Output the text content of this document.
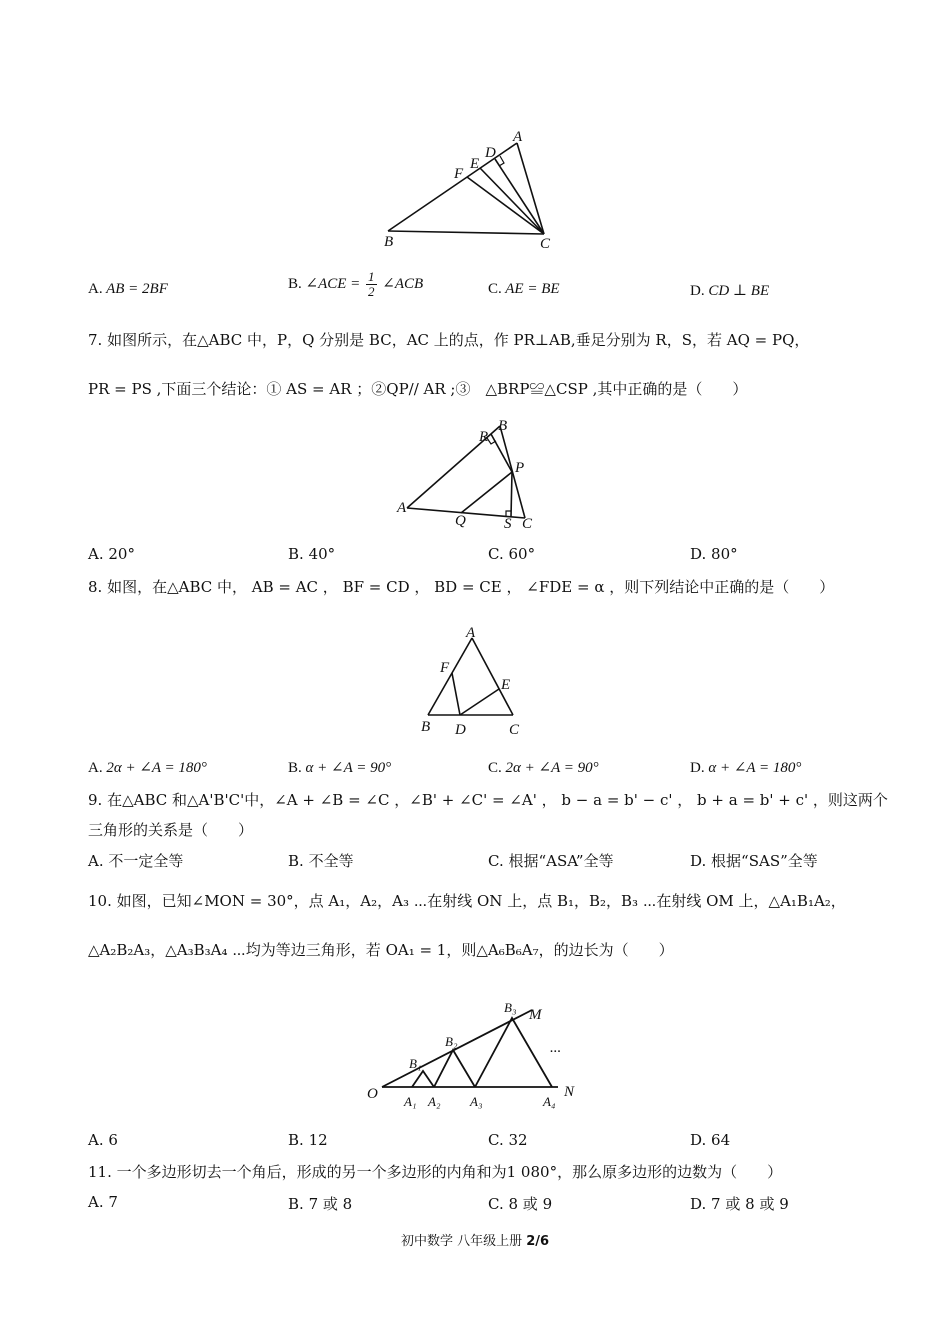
A
D
E
F
B	C
A. AB = 2BF	B. ∠ACE = $\frac{1}{2}$ ∠ACB	C. AE = BE	D. CD ⊥ BE
7. 如图所示，在△ABC 中，P，Q 分别是 BC，AC 上的点，作 PR⊥AB,垂足分别为 R，S，若 AQ = PQ，
PR = PS ,下面三个结论：① AS = AR ；②QP// AR ;③　△BRP≌△CSP ,其中正确的是（　　）
R
B
P
A
Q	S C
A. 20°	B. 40°	C. 60°	D. 80°
8. 如图，在△ABC 中， AB = AC ， BF = CD ， BD = CE ， ∠FDE = α ，则下列结论中正确的是（　　）
A
F
E
B D	C
A. 2α + ∠A = 180°	B. α + ∠A = 90°	C. 2α + ∠A = 90°	D. α + ∠A = 180°
9. 在△ABC 和△A'B'C'中，∠A + ∠B = ∠C ，∠B' + ∠C' = ∠A' ， b − a = b' − c' ， b + a = b' + c' ，则这两个
三角形的关系是（　　）
A. 不一定全等	B. 不全等	C. 根据“ASA”全等	D. 根据“SAS”全等
10. 如图，已知∠MON = 30°，点 A₁，A₂，A₃ ⋯在射线 ON 上，点 B₁，B₂，B₃ ⋯在射线 OM 上，△A₁B₁A₂，
△A₂B₂A₃，△A₃B₃A₄ ⋯均为等边三角形，若 OA₁ = 1，则△A₆B₆A₇，的边长为（　　）
O A₁ A₂ A₃	A₄
N
B₁
B₂
B₃ M
...
A. 6	B. 12	C. 32	D. 64
11. 一个多边形切去一个角后，形成的另一个多边形的内角和为1 080°，那么原多边形的边数为（　　）
A. 7	B. 7 或 8	C. 8 或 9	D. 7 或 8 或 9
初中数学 八年级上册 2/6
